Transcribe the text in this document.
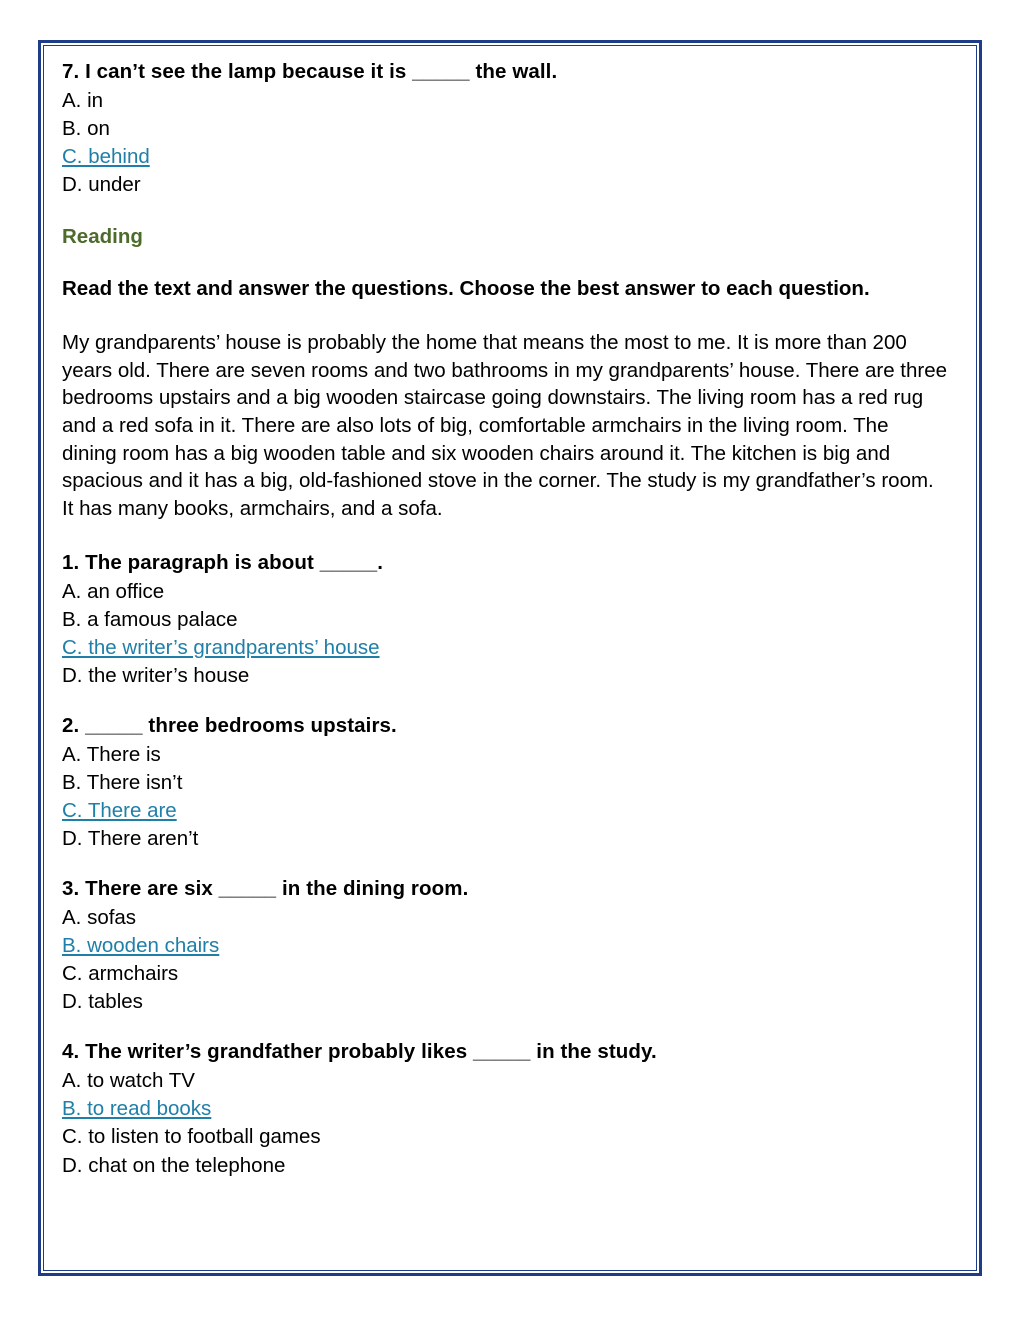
7. I can’t see the lamp because it is _____ the wall.

A. in

B. on

C. behind

D. under

Reading

Read the text and answer the questions. Choose the best answer to each question.

My grandparents’ house is probably the home that means the most to me. It is more than 200 years old. There are seven rooms and two bathrooms in my grandparents’ house. There are three bedrooms upstairs and a big wooden staircase going downstairs. The living room has a red rug and a red sofa in it. There are also lots of big, comfortable armchairs in the living room. The dining room has a big wooden table and six wooden chairs around it. The kitchen is big and spacious and it has a big, old-fashioned stove in the corner. The study is my grandfather’s room. It has many books, armchairs, and a sofa.

1. The paragraph is about _____.

A. an office

B. a famous palace

C. the writer’s grandparents’ house

D. the writer’s house

2. _____ three bedrooms upstairs.

A. There is

B. There isn’t

C. There are

D. There aren’t

3. There are six _____ in the dining room.

A. sofas

B. wooden chairs

C. armchairs

D. tables

4. The writer’s grandfather probably likes _____ in the study.

A. to watch TV

B. to read books

C. to listen to football games

D. chat on the telephone
